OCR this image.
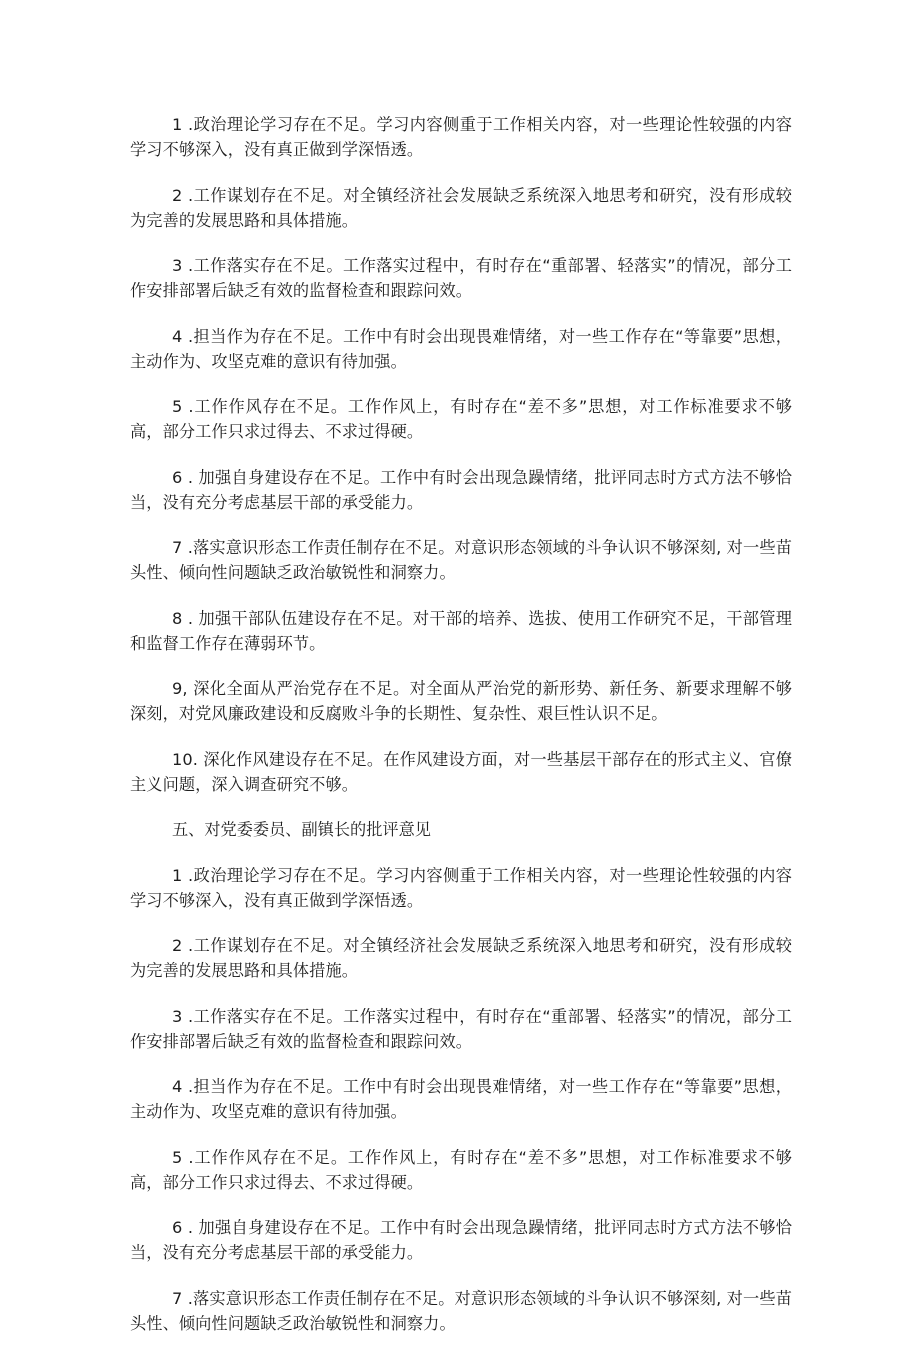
1 .政治理论学习存在不足。学习内容侧重于工作相关内容，对一些理论性较强的内容学习不够深入，没有真正做到学深悟透。

2 .工作谋划存在不足。对全镇经济社会发展缺乏系统深入地思考和研究，没有形成较为完善的发展思路和具体措施。

3 .工作落实存在不足。工作落实过程中，有时存在“重部署、轻落实”的情况，部分工作安排部署后缺乏有效的监督检查和跟踪问效。

4 .担当作为存在不足。工作中有时会出现畏难情绪，对一些工作存在“等靠要”思想，主动作为、攻坚克难的意识有待加强。

5 .工作作风存在不足。工作作风上，有时存在“差不多”思想，对工作标准要求不够高，部分工作只求过得去、不求过得硬。

6 . 加强自身建设存在不足。工作中有时会出现急躁情绪，批评同志时方式方法不够恰当，没有充分考虑基层干部的承受能力。

7 .落实意识形态工作责任制存在不足。对意识形态领域的斗争认识不够深刻, 对一些苗头性、倾向性问题缺乏政治敏锐性和洞察力。

8 . 加强干部队伍建设存在不足。对干部的培养、选拔、使用工作研究不足，干部管理和监督工作存在薄弱环节。

9, 深化全面从严治党存在不足。对全面从严治党的新形势、新任务、新要求理解不够深刻，对党风廉政建设和反腐败斗争的长期性、复杂性、艰巨性认识不足。

10. 深化作风建设存在不足。在作风建设方面，对一些基层干部存在的形式主义、官僚主义问题，深入调查研究不够。

五、对党委委员、副镇长的批评意见

1 .政治理论学习存在不足。学习内容侧重于工作相关内容，对一些理论性较强的内容学习不够深入，没有真正做到学深悟透。

2 .工作谋划存在不足。对全镇经济社会发展缺乏系统深入地思考和研究，没有形成较为完善的发展思路和具体措施。

3 .工作落实存在不足。工作落实过程中，有时存在“重部署、轻落实”的情况，部分工作安排部署后缺乏有效的监督检查和跟踪问效。

4 .担当作为存在不足。工作中有时会出现畏难情绪，对一些工作存在“等靠要”思想，主动作为、攻坚克难的意识有待加强。

5 .工作作风存在不足。工作作风上，有时存在“差不多”思想，对工作标准要求不够高，部分工作只求过得去、不求过得硬。

6 . 加强自身建设存在不足。工作中有时会出现急躁情绪，批评同志时方式方法不够恰当，没有充分考虑基层干部的承受能力。

7 .落实意识形态工作责任制存在不足。对意识形态领域的斗争认识不够深刻, 对一些苗头性、倾向性问题缺乏政治敏锐性和洞察力。
